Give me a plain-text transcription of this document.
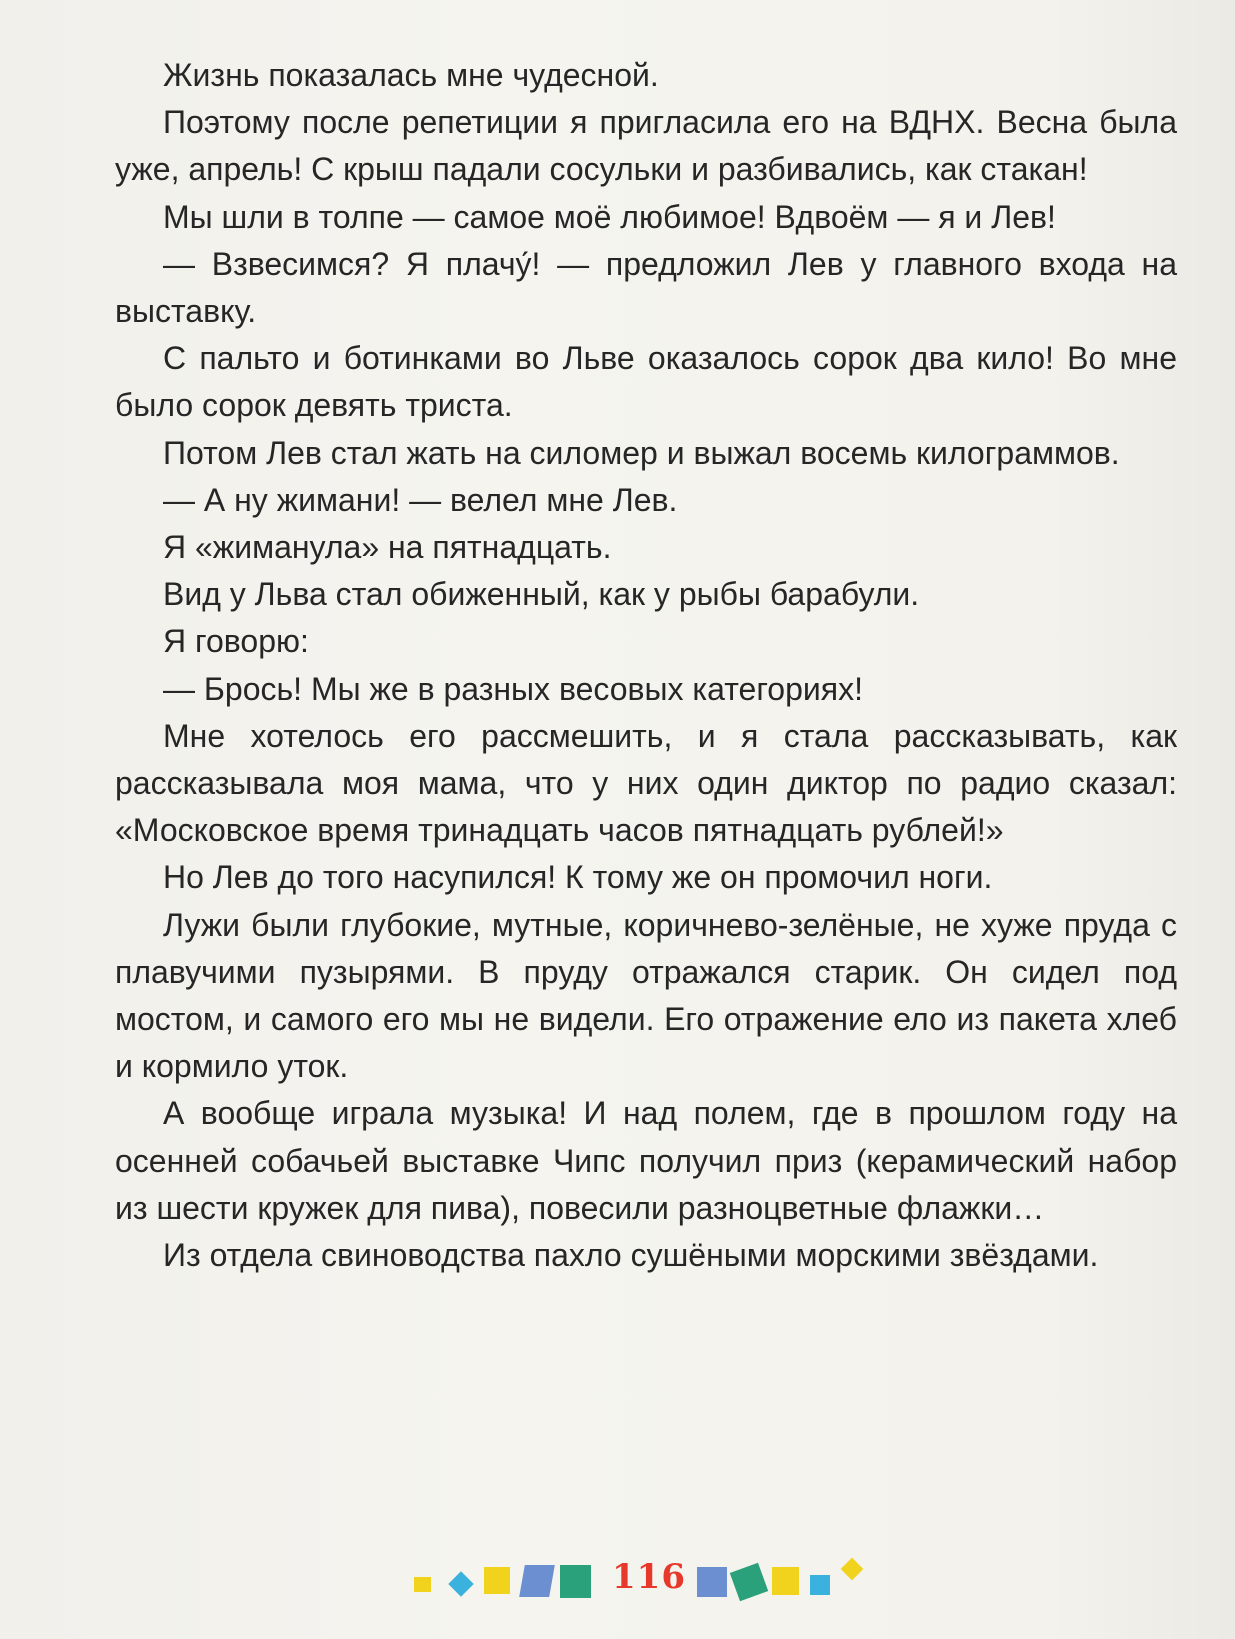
Жизнь показалась мне чудесной.

Поэтому после репетиции я пригласила его на ВДНХ. Весна была уже, апрель! С крыш падали сосульки и разбивались, как стакан!

Мы шли в толпе — самое моё любимое! Вдвоём — я и Лев!

— Взвесимся? Я плачу́! — предложил Лев у главного входа на выставку.

С пальто и ботинками во Льве оказалось сорок два кило! Во мне было сорок девять триста.

Потом Лев стал жать на силомер и выжал восемь килограммов.

— А ну жимани! — велел мне Лев.

Я «жиманула» на пятнадцать.

Вид у Льва стал обиженный, как у рыбы барабули.

Я говорю:

— Брось! Мы же в разных весовых категориях!

Мне хотелось его рассмешить, и я стала рассказывать, как рассказывала моя мама, что у них один диктор по радио сказал: «Московское время тринадцать часов пятнадцать рублей!»

Но Лев до того насупился! К тому же он промочил ноги.

Лужи были глубокие, мутные, коричнево-зелёные, не хуже пруда с плавучими пузырями. В пруду отражался старик. Он сидел под мостом, и самого его мы не видели. Его отражение ело из пакета хлеб и кормило уток.

А вообще играла музыка! И над полем, где в прошлом году на осенней собачьей выставке Чипс получил приз (керамический набор из шести кружек для пива), повесили разноцветные флажки…

Из отдела свиноводства пахло сушёными морскими звёздами.

116
